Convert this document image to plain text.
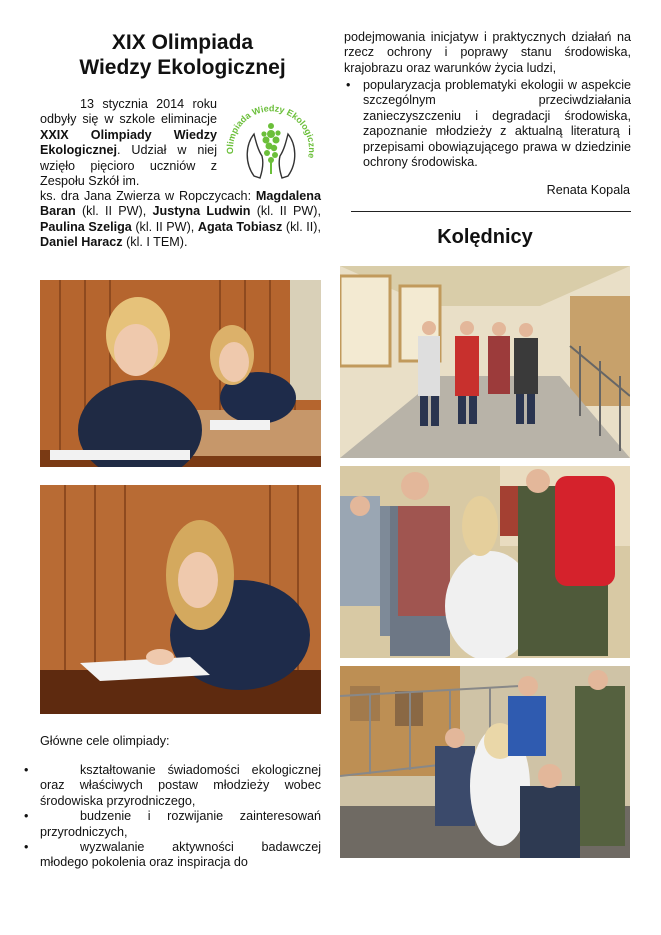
XIX Olimpiada
Wiedzy Ekologicznej
Olimpiada Wiedzy Ekologiczne

13 stycznia 2014 roku odbyły się w szkole eliminacje XXIX Olimpiady Wiedzy Ekologicznej. Udział w niej wzięło pięcioro uczniów z Zespołu Szkół im.

ks. dra Jana Zwierza w Ropczycach: Magdalena Baran (kl. II PW), Justyna Ludwin (kl. II PW), Paulina Szeliga (kl. II PW), Agata Tobiasz (kl. II), Daniel Haracz (kl. I TEM).

Główne cele olimpiady:
• kształtowanie świadomości ekologicznej oraz właściwych postaw młodzieży wobec środowiska przyrodniczego,
• budzenie i rozwijanie zainteresowań przyrodniczych,
• wyzwalanie aktywności badawczej młodego pokolenia oraz inspiracja do

podejmowania inicjatyw i praktycznych działań na rzecz ochrony i poprawy stanu środowiska, krajobrazu oraz warunków życia ludzi,

• popularyzacja problematyki ekologii w aspekcie szczególnym przeciwdziałania zanieczyszczeniu i degradacji środowiska, zapoznanie młodzieży z aktualną literaturą i przepisami obowiązującego prawa w dziedzinie ochrony środowiska.
Renata Kopala
Kolędnicy
